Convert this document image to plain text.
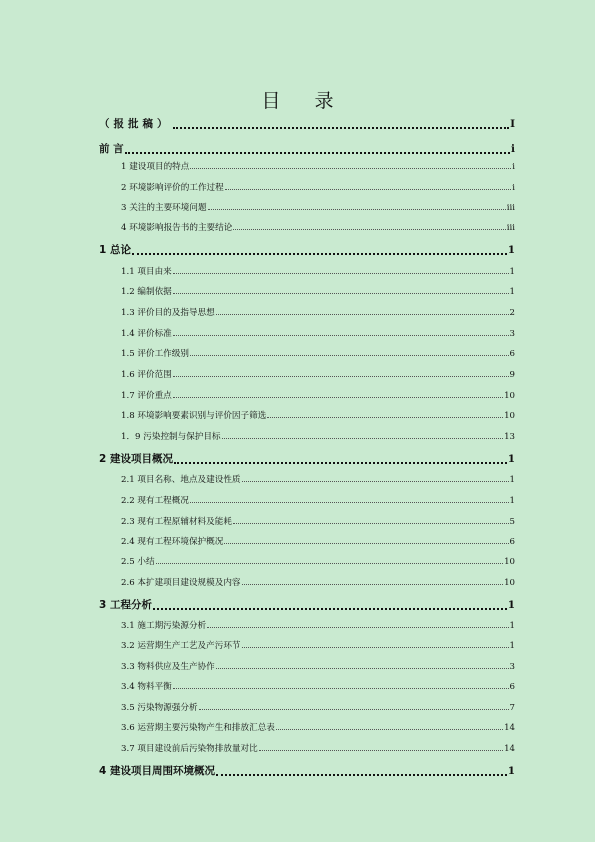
目 录
（报批稿）	I
前 言	i
1 建设项目的特点	i
2 环境影响评价的工作过程	i
3 关注的主要环境问题	iii
4 环境影响报告书的主要结论	iii
1 总论	1
1.1 项目由来	1
1.2 编制依据	1
1.3 评价目的及指导思想	2
1.4 评价标准	3
1.5 评价工作级别	6
1.6 评价范围	9
1.7 评价重点	10
1.8 环境影响要素识别与评价因子筛选	10
1．9 污染控制与保护目标	13
2 建设项目概况	1
2.1 项目名称、地点及建设性质	1
2.2 现有工程概况	1
2.3 现有工程原辅材料及能耗	5
2.4 现有工程环境保护概况	6
2.5 小结	10
2.6 本扩建项目建设规模及内容	10
3 工程分析	1
3.1 施工期污染源分析	1
3.2 运营期生产工艺及产污环节	1
3.3 物料供应及生产协作	3
3.4 物料平衡	6
3.5 污染物源强分析	7
3.6 运营期主要污染物产生和排放汇总表	14
3.7 项目建设前后污染物排放量对比	14
4 建设项目周围环境概况	1
